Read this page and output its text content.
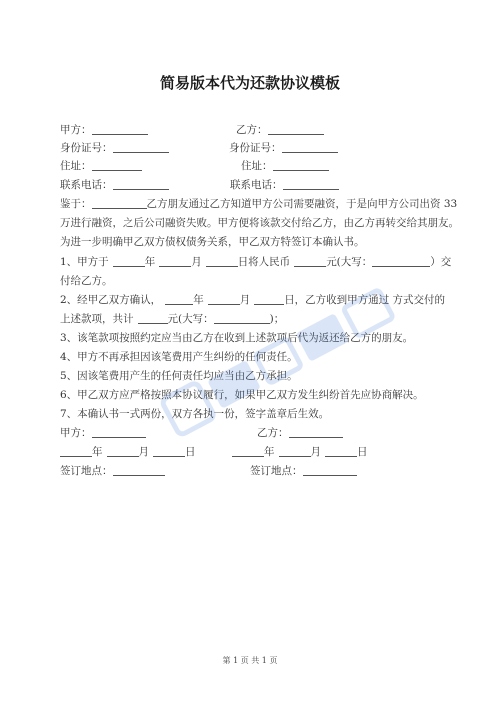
简易版本代为还款协议模板
甲方：	乙方：
身份证号：	身份证号：
住址：	住址：
联系电话：	联系电话：
鉴于：	乙方朋友通过乙方知道甲方公司需要融资，于是向甲方公司出资 33
万进行融资，之后公司融资失败。甲方便将该款交付给乙方，由乙方再转交给其朋友。
为进一步明确甲乙双方债权债务关系，甲乙双方特签订本确认书。
1、甲方于	年	月	日将人民币	元(大写：	）交
付给乙方。
2、经甲乙双方确认，	年	月	日，乙方收到甲方通过 方式交付的
上述款项，共计	元(大写：	)；
3、该笔款项按照约定应当由乙方在收到上述款项后代为返还给乙方的朋友。
4、甲方不再承担因该笔费用产生纠纷的任何责任。
5、因该笔费用产生的任何责任均应当由乙方承担。
6、甲乙双方应严格按照本协议履行，如果甲乙双方发生纠纷首先应协商解决。
7、本确认书一式两份，双方各执一份，签字盖章后生效。
甲方：	乙方：
年	月	日	年	月	日
签订地点：	签订地点：
第 1 页 共 1 页
